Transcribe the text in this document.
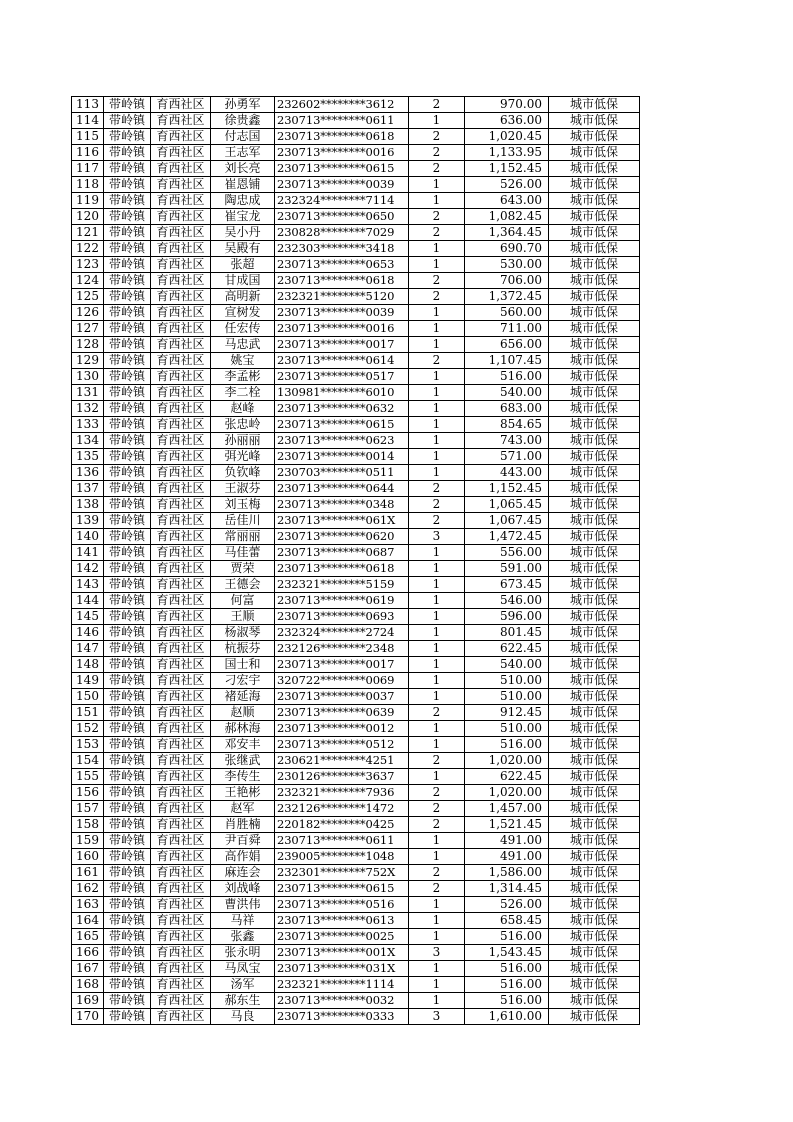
113	带岭镇	育西社区	孙勇军	232602********3612	2	970.00	城市低保
114	带岭镇	育西社区	徐贵鑫	230713********0611	1	636.00	城市低保
115	带岭镇	育西社区	付志国	230713********0618	2	1,020.45	城市低保
116	带岭镇	育西社区	王志军	230713********0016	2	1,133.95	城市低保
117	带岭镇	育西社区	刘长亮	230713********0615	2	1,152.45	城市低保
118	带岭镇	育西社区	崔恩铺	230713********0039	1	526.00	城市低保
119	带岭镇	育西社区	陶忠成	232324********7114	1	643.00	城市低保
120	带岭镇	育西社区	崔宝龙	230713********0650	2	1,082.45	城市低保
121	带岭镇	育西社区	吴小丹	230828********7029	2	1,364.45	城市低保
122	带岭镇	育西社区	吴殿有	232303********3418	1	690.70	城市低保
123	带岭镇	育西社区	张超	230713********0653	1	530.00	城市低保
124	带岭镇	育西社区	甘成国	230713********0618	2	706.00	城市低保
125	带岭镇	育西社区	高明新	232321********5120	2	1,372.45	城市低保
126	带岭镇	育西社区	宣树发	230713********0039	1	560.00	城市低保
127	带岭镇	育西社区	任宏传	230713********0016	1	711.00	城市低保
128	带岭镇	育西社区	马忠武	230713********0017	1	656.00	城市低保
129	带岭镇	育西社区	姚宝	230713********0614	2	1,107.45	城市低保
130	带岭镇	育西社区	李孟彬	230713********0517	1	516.00	城市低保
131	带岭镇	育西社区	李二栓	130981********6010	1	540.00	城市低保
132	带岭镇	育西社区	赵峰	230713********0632	1	683.00	城市低保
133	带岭镇	育西社区	张忠岭	230713********0615	1	854.65	城市低保
134	带岭镇	育西社区	孙丽丽	230713********0623	1	743.00	城市低保
135	带岭镇	育西社区	弭光峰	230713********0014	1	571.00	城市低保
136	带岭镇	育西社区	负钦峰	230703********0511	1	443.00	城市低保
137	带岭镇	育西社区	王淑芬	230713********0644	2	1,152.45	城市低保
138	带岭镇	育西社区	刘玉梅	230713********0348	2	1,065.45	城市低保
139	带岭镇	育西社区	岳佳川	230713********061X	2	1,067.45	城市低保
140	带岭镇	育西社区	常丽丽	230713********0620	3	1,472.45	城市低保
141	带岭镇	育西社区	马佳蕾	230713********0687	1	556.00	城市低保
142	带岭镇	育西社区	贾荣	230713********0618	1	591.00	城市低保
143	带岭镇	育西社区	王德会	232321********5159	1	673.45	城市低保
144	带岭镇	育西社区	何富	230713********0619	1	546.00	城市低保
145	带岭镇	育西社区	王顺	230713********0693	1	596.00	城市低保
146	带岭镇	育西社区	杨淑琴	232324********2724	1	801.45	城市低保
147	带岭镇	育西社区	杭振芬	232126********2348	1	622.45	城市低保
148	带岭镇	育西社区	国士和	230713********0017	1	540.00	城市低保
149	带岭镇	育西社区	刁宏宇	320722********0069	1	510.00	城市低保
150	带岭镇	育西社区	褚延海	230713********0037	1	510.00	城市低保
151	带岭镇	育西社区	赵顺	230713********0639	2	912.45	城市低保
152	带岭镇	育西社区	郝林海	230713********0012	1	510.00	城市低保
153	带岭镇	育西社区	邓安丰	230713********0512	1	516.00	城市低保
154	带岭镇	育西社区	张继武	230621********4251	2	1,020.00	城市低保
155	带岭镇	育西社区	李传生	230126********3637	1	622.45	城市低保
156	带岭镇	育西社区	王艳彬	232321********7936	2	1,020.00	城市低保
157	带岭镇	育西社区	赵军	232126********1472	2	1,457.00	城市低保
158	带岭镇	育西社区	肖胜楠	220182********0425	2	1,521.45	城市低保
159	带岭镇	育西社区	尹百舜	230713********0611	1	491.00	城市低保
160	带岭镇	育西社区	高作娟	239005********1048	1	491.00	城市低保
161	带岭镇	育西社区	麻连会	232301********752X	2	1,586.00	城市低保
162	带岭镇	育西社区	刘战峰	230713********0615	2	1,314.45	城市低保
163	带岭镇	育西社区	曹洪伟	230713********0516	1	526.00	城市低保
164	带岭镇	育西社区	马祥	230713********0613	1	658.45	城市低保
165	带岭镇	育西社区	张鑫	230713********0025	1	516.00	城市低保
166	带岭镇	育西社区	张永明	230713********001X	3	1,543.45	城市低保
167	带岭镇	育西社区	马凤宝	230713********031X	1	516.00	城市低保
168	带岭镇	育西社区	汤军	232321********1114	1	516.00	城市低保
169	带岭镇	育西社区	郝东生	230713********0032	1	516.00	城市低保
170	带岭镇	育西社区	马良	230713********0333	3	1,610.00	城市低保
